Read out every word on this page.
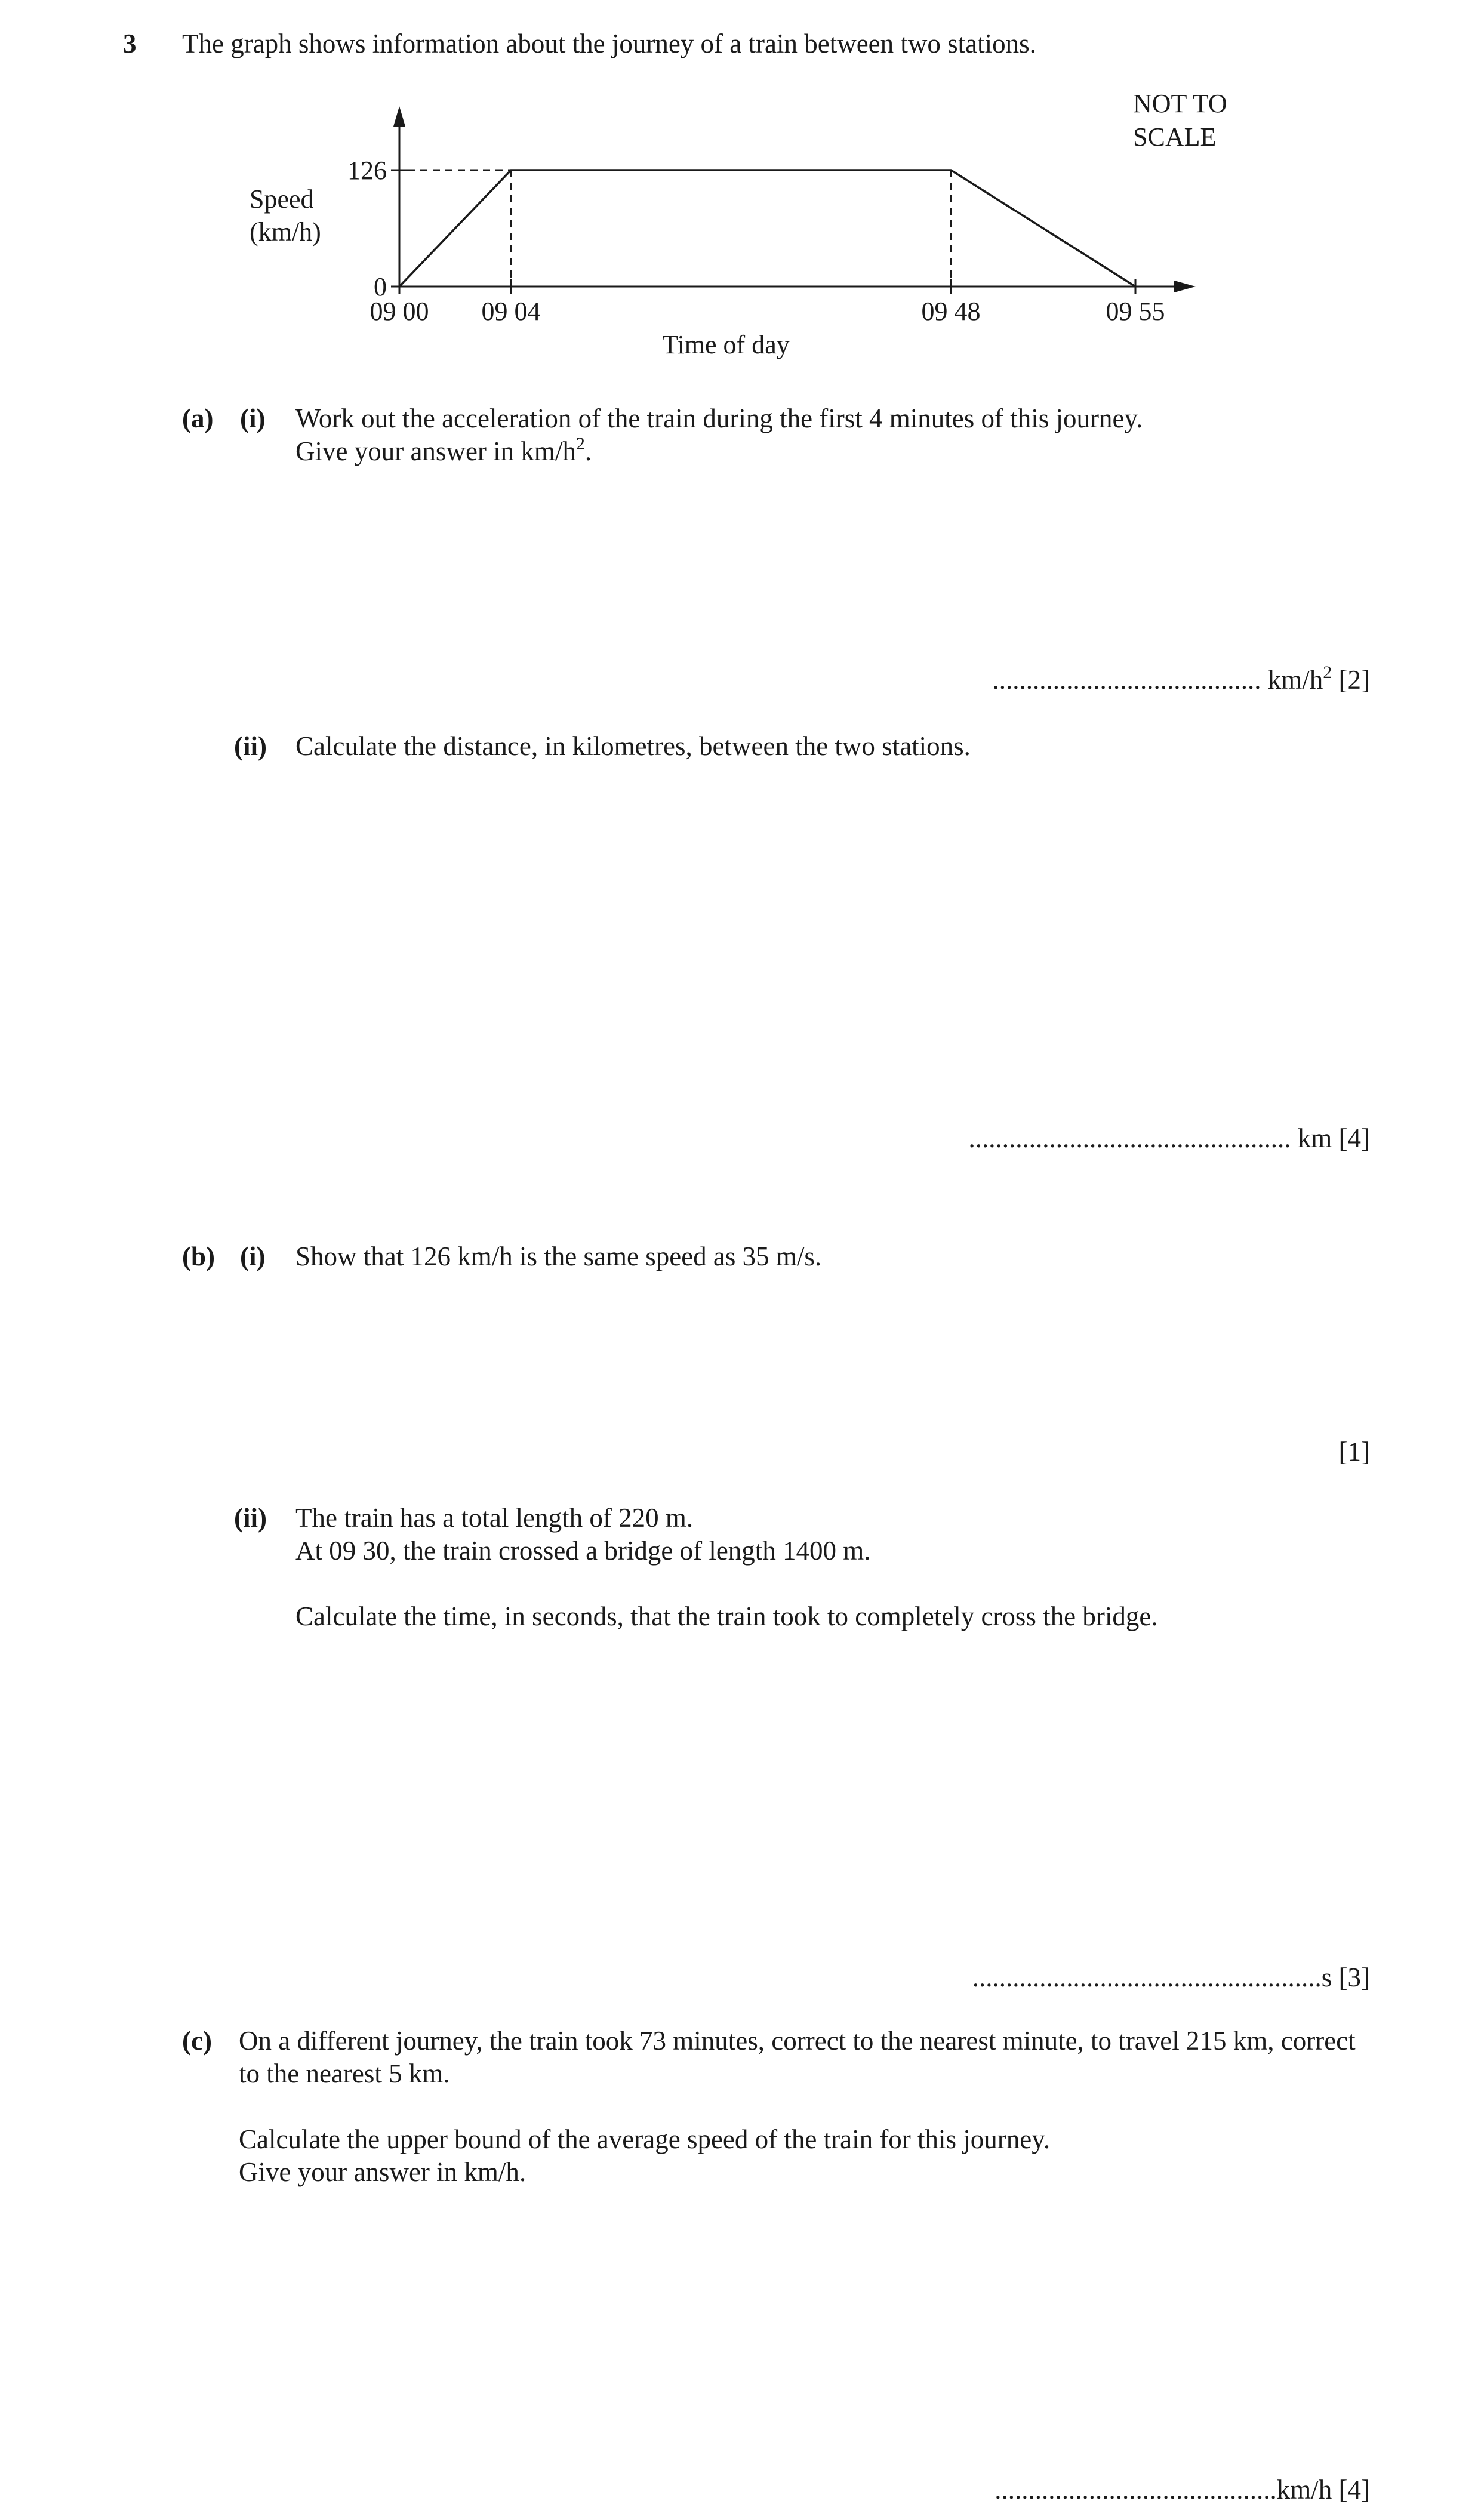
3 The graph shows information about the journey of a train between two stations.
09 00 09 04	09 48	09 55
0
126
Speed
(km/h)
Time of day
NOT TO
SCALE
(a) (i) Work out the acceleration of the train during the first 4 minutes of this journey.
Give your answer in $km/h^2$.
........................................ $km/h^2$ [2]
(ii) Calculate the distance, in kilometres, between the two stations.
................................................ km [4]
(b) (i) Show that 126 km/h is the same speed as 35 m/s.
[1]
(ii) The train has a total length of 220 m.
At 09 30, the train crossed a bridge of length 1400 m.
Calculate the time, in seconds, that the train took to completely cross the bridge.
....................................................s [3]
(c) On a different journey, the train took 73 minutes, correct to the nearest minute, to travel 215 km, correct
to the nearest 5 km.
Calculate the upper bound of the average speed of the train for this journey.
Give your answer in km/h.
..........................................km/h [4]
